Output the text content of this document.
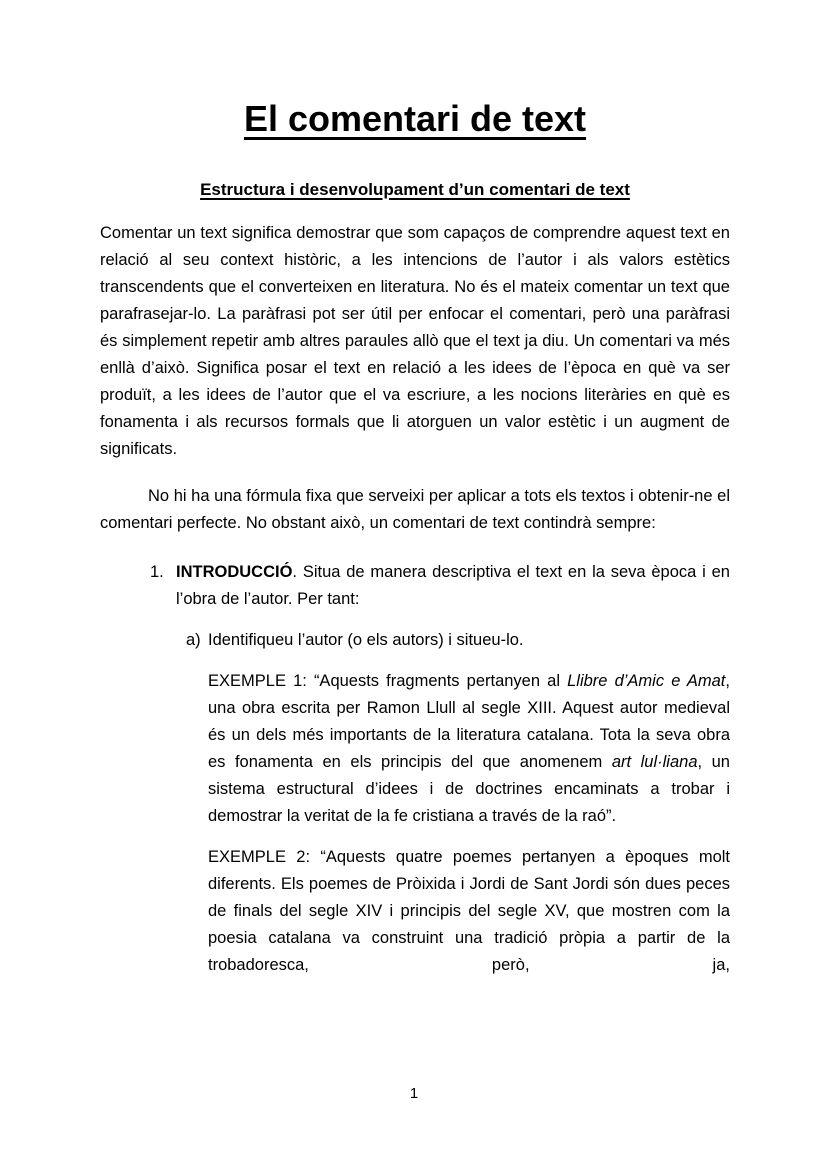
El comentari de text
Estructura i desenvolupament d’un comentari de text

Comentar un text significa demostrar que som capaços de comprendre aquest text en relació al seu context històric, a les intencions de l’autor i als valors estètics transcendents que el converteixen en literatura. No és el mateix comentar un text que parafrasejar-lo. La paràfrasi pot ser útil per enfocar el comentari, però una paràfrasi és simplement repetir amb altres paraules allò que el text ja diu. Un comentari va més enllà d’això. Significa posar el text en relació a les idees de l’època en què va ser produït, a les idees de l’autor que el va escriure, a les nocions literàries en què es fonamenta i als recursos formals que li atorguen un valor estètic i un augment de significats.

No hi ha una fórmula fixa que serveixi per aplicar a tots els textos i obtenir-ne el comentari perfecte. No obstant això, un comentari de text contindrà sempre:

1. INTRODUCCIÓ. Situa de manera descriptiva el text en la seva època i en l’obra de l’autor. Per tant:

a) Identifiqueu l’autor (o els autors) i situeu-lo.

EXEMPLE 1: “Aquests fragments pertanyen al Llibre d’Amic e Amat, una obra escrita per Ramon Llull al segle XIII. Aquest autor medieval és un dels més importants de la literatura catalana. Tota la seva obra es fonamenta en els principis del que anomenem art lul·liana, un sistema estructural d’idees i de doctrines encaminats a trobar i demostrar la veritat de la fe cristiana a través de la raó”.

EXEMPLE 2: “Aquests quatre poemes pertanyen a èpoques molt diferents. Els poemes de Pròixida i Jordi de Sant Jordi són dues peces de finals del segle XIV i principis del segle XV, que mostren com la poesia catalana va construint una tradició pròpia a partir de la trobadoresca, però, ja,

1
